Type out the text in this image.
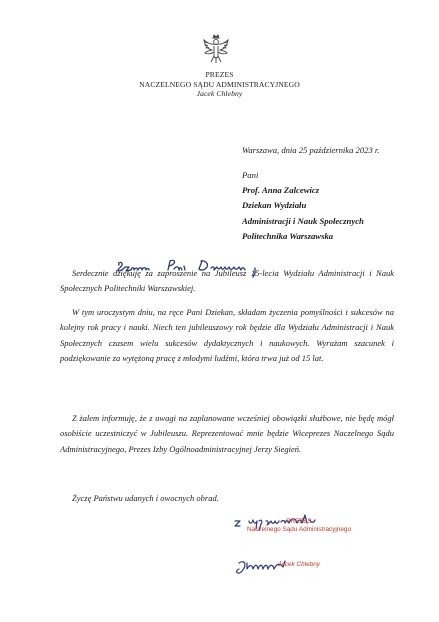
PREZES
NACZELNEGO SĄDU ADMINISTRACYJNEGO
Jacek Chlebny
Warszawa, dnia 25 października 2023 r.
Pani
Prof. Anna Zalcewicz
Dziekan Wydziału
Administracji i Nauk Społecznych
Politechnika Warszawska

Serdecznie dziękuję za zaproszenie na Jubileusz 15-lecia Wydziału Administracji i Nauk Społecznych Politechniki Warszawskiej.

W tym uroczystym dniu, na ręce Pani Dziekan, składam życzenia pomyślności i sukcesów na kolejny rok pracy i nauki. Niech ten jubileuszowy rok będzie dla Wydziału Administracji i Nauk Społecznych czasem wielu sukcesów dydaktycznych i naukowych. Wyrażam szacunek i podziękowanie za wytężoną pracę z młodymi ludźmi, która trwa już od 15 lat.

Z żalem informuję, że z uwagi na zaplanowane wcześniej obowiązki służbowe, nie będę mógł osobiście uczestniczyć w Jubileuszu. Reprezentować mnie będzie Wiceprezes Naczelnego Sądu Administracyjnego, Prezes Izby Ogólnoadministracyjnej Jerzy Siegień.

Życzę Państwu udanych i owocnych obrad.
PREZES
Naczelnego Sądu Administracyjnego
Jacek Chlebny
